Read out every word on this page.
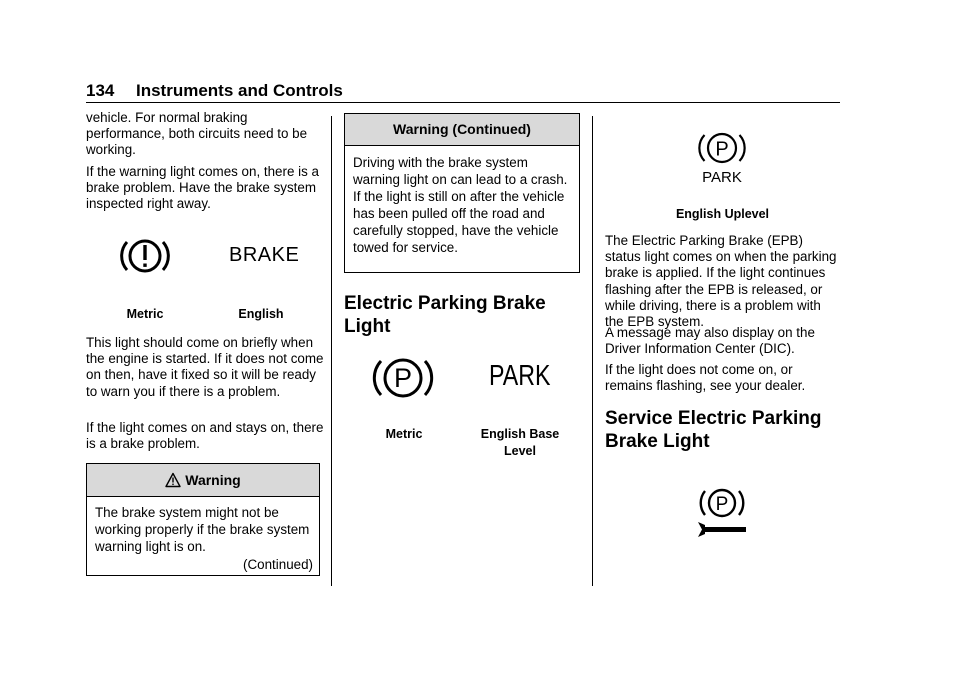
134 Instruments and Controls

vehicle. For normal braking performance, both circuits need to be working.

If the warning light comes on, there is a brake problem. Have the brake system inspected right away.

BRAKE
Metric	English

This light should come on briefly when the engine is started. If it does not come on then, have it fixed so it will be ready to warn you if there is a problem.

If the light comes on and stays on, there is a brake problem.

Warning
The brake system might not be working properly if the brake system warning light is on.
(Continued)
Warning (Continued)
Driving with the brake system warning light on can lead to a crash. If the light is still on after the vehicle has been pulled off the road and carefully stopped, have the vehicle towed for service.
Electric Parking Brake Light
P	PARK
Metric	English Base Level
P
PARK
English Uplevel

The Electric Parking Brake (EPB) status light comes on when the parking brake is applied. If the light continues flashing after the EPB is released, or while driving, there is a problem with the EPB system.

A message may also display on the Driver Information Center (DIC).

If the light does not come on, or remains flashing, see your dealer.

Service Electric Parking Brake Light
P
